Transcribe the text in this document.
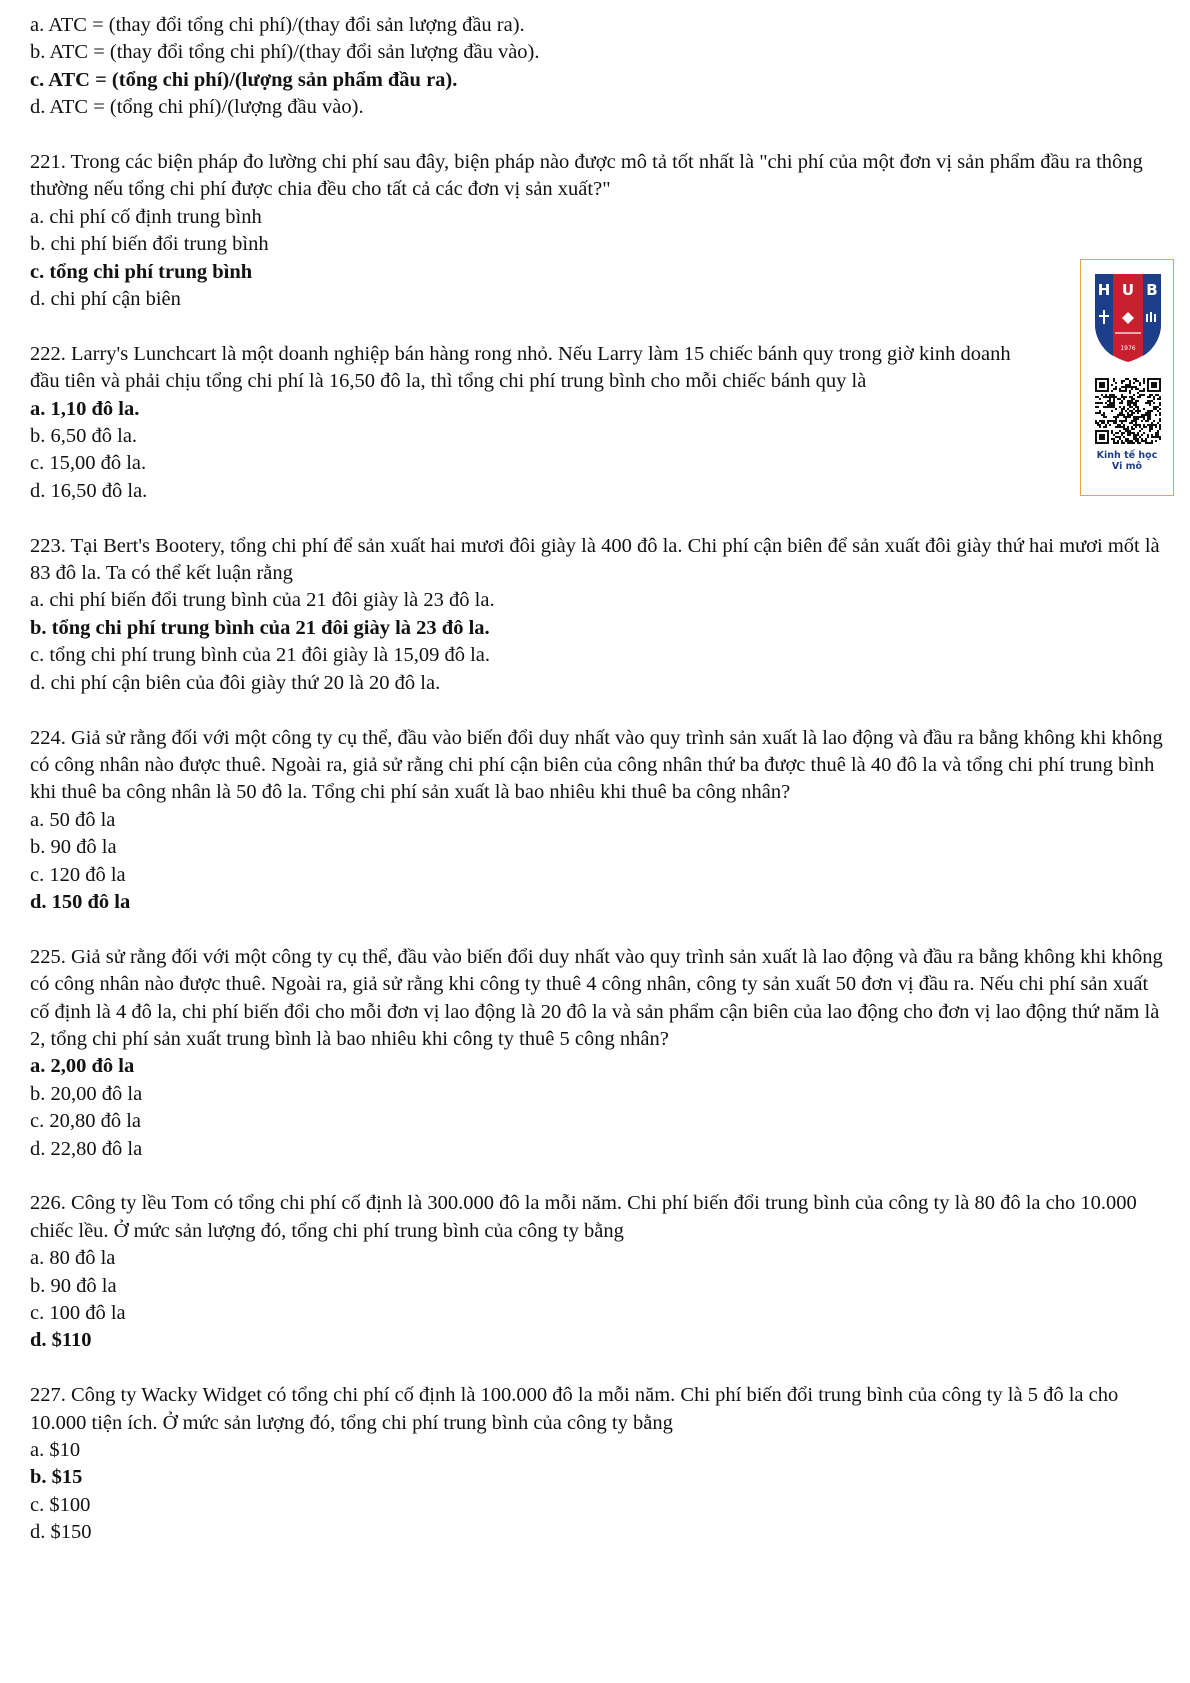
a. ATC = (thay đổi tổng chi phí)/(thay đổi sản lượng đầu ra).
b. ATC = (thay đổi tổng chi phí)/(thay đổi sản lượng đầu vào).
c. ATC = (tổng chi phí)/(lượng sản phẩm đầu ra).
d. ATC = (tổng chi phí)/(lượng đầu vào).
221. Trong các biện pháp đo lường chi phí sau đây, biện pháp nào được mô tả tốt nhất là "chi phí của một đơn vị sản phẩm đầu ra thông thường nếu tổng chi phí được chia đều cho tất cả các đơn vị sản xuất?"
a. chi phí cố định trung bình
b. chi phí biến đổi trung bình
c. tổng chi phí trung bình
d. chi phí cận biên
222. Larry's Lunchcart là một doanh nghiệp bán hàng rong nhỏ. Nếu Larry làm 15 chiếc bánh quy trong giờ kinh doanh đầu tiên và phải chịu tổng chi phí là 16,50 đô la, thì tổng chi phí trung bình cho mỗi chiếc bánh quy là
a. 1,10 đô la.
b. 6,50 đô la.
c. 15,00 đô la.
d. 16,50 đô la.
223. Tại Bert's Bootery, tổng chi phí để sản xuất hai mươi đôi giày là 400 đô la. Chi phí cận biên để sản xuất đôi giày thứ hai mươi mốt là 83 đô la. Ta có thể kết luận rằng
a. chi phí biến đổi trung bình của 21 đôi giày là 23 đô la.
b. tổng chi phí trung bình của 21 đôi giày là 23 đô la.
c. tổng chi phí trung bình của 21 đôi giày là 15,09 đô la.
d. chi phí cận biên của đôi giày thứ 20 là 20 đô la.
224. Giả sử rằng đối với một công ty cụ thể, đầu vào biến đổi duy nhất vào quy trình sản xuất là lao động và đầu ra bằng không khi không có công nhân nào được thuê. Ngoài ra, giả sử rằng chi phí cận biên của công nhân thứ ba được thuê là 40 đô la và tổng chi phí trung bình khi thuê ba công nhân là 50 đô la. Tổng chi phí sản xuất là bao nhiêu khi thuê ba công nhân?
a. 50 đô la
b. 90 đô la
c. 120 đô la
d. 150 đô la
225. Giả sử rằng đối với một công ty cụ thể, đầu vào biến đổi duy nhất vào quy trình sản xuất là lao động và đầu ra bằng không khi không có công nhân nào được thuê. Ngoài ra, giả sử rằng khi công ty thuê 4 công nhân, công ty sản xuất 50 đơn vị đầu ra. Nếu chi phí sản xuất cố định là 4 đô la, chi phí biến đổi cho mỗi đơn vị lao động là 20 đô la và sản phẩm cận biên của lao động cho đơn vị lao động thứ năm là 2, tổng chi phí sản xuất trung bình là bao nhiêu khi công ty thuê 5 công nhân?
a. 2,00 đô la
b. 20,00 đô la
c. 20,80 đô la
d. 22,80 đô la
226. Công ty lều Tom có tổng chi phí cố định là 300.000 đô la mỗi năm. Chi phí biến đổi trung bình của công ty là 80 đô la cho 10.000 chiếc lều. Ở mức sản lượng đó, tổng chi phí trung bình của công ty bằng
a. 80 đô la
b. 90 đô la
c. 100 đô la
d. $110
227. Công ty Wacky Widget có tổng chi phí cố định là 100.000 đô la mỗi năm. Chi phí biến đổi trung bình của công ty là 5 đô la cho 10.000 tiện ích. Ở mức sản lượng đó, tổng chi phí trung bình của công ty bằng
a. $10
b. $15
c. $100
d. $150
H U B
1976
Kinh tế học
Vi mô
